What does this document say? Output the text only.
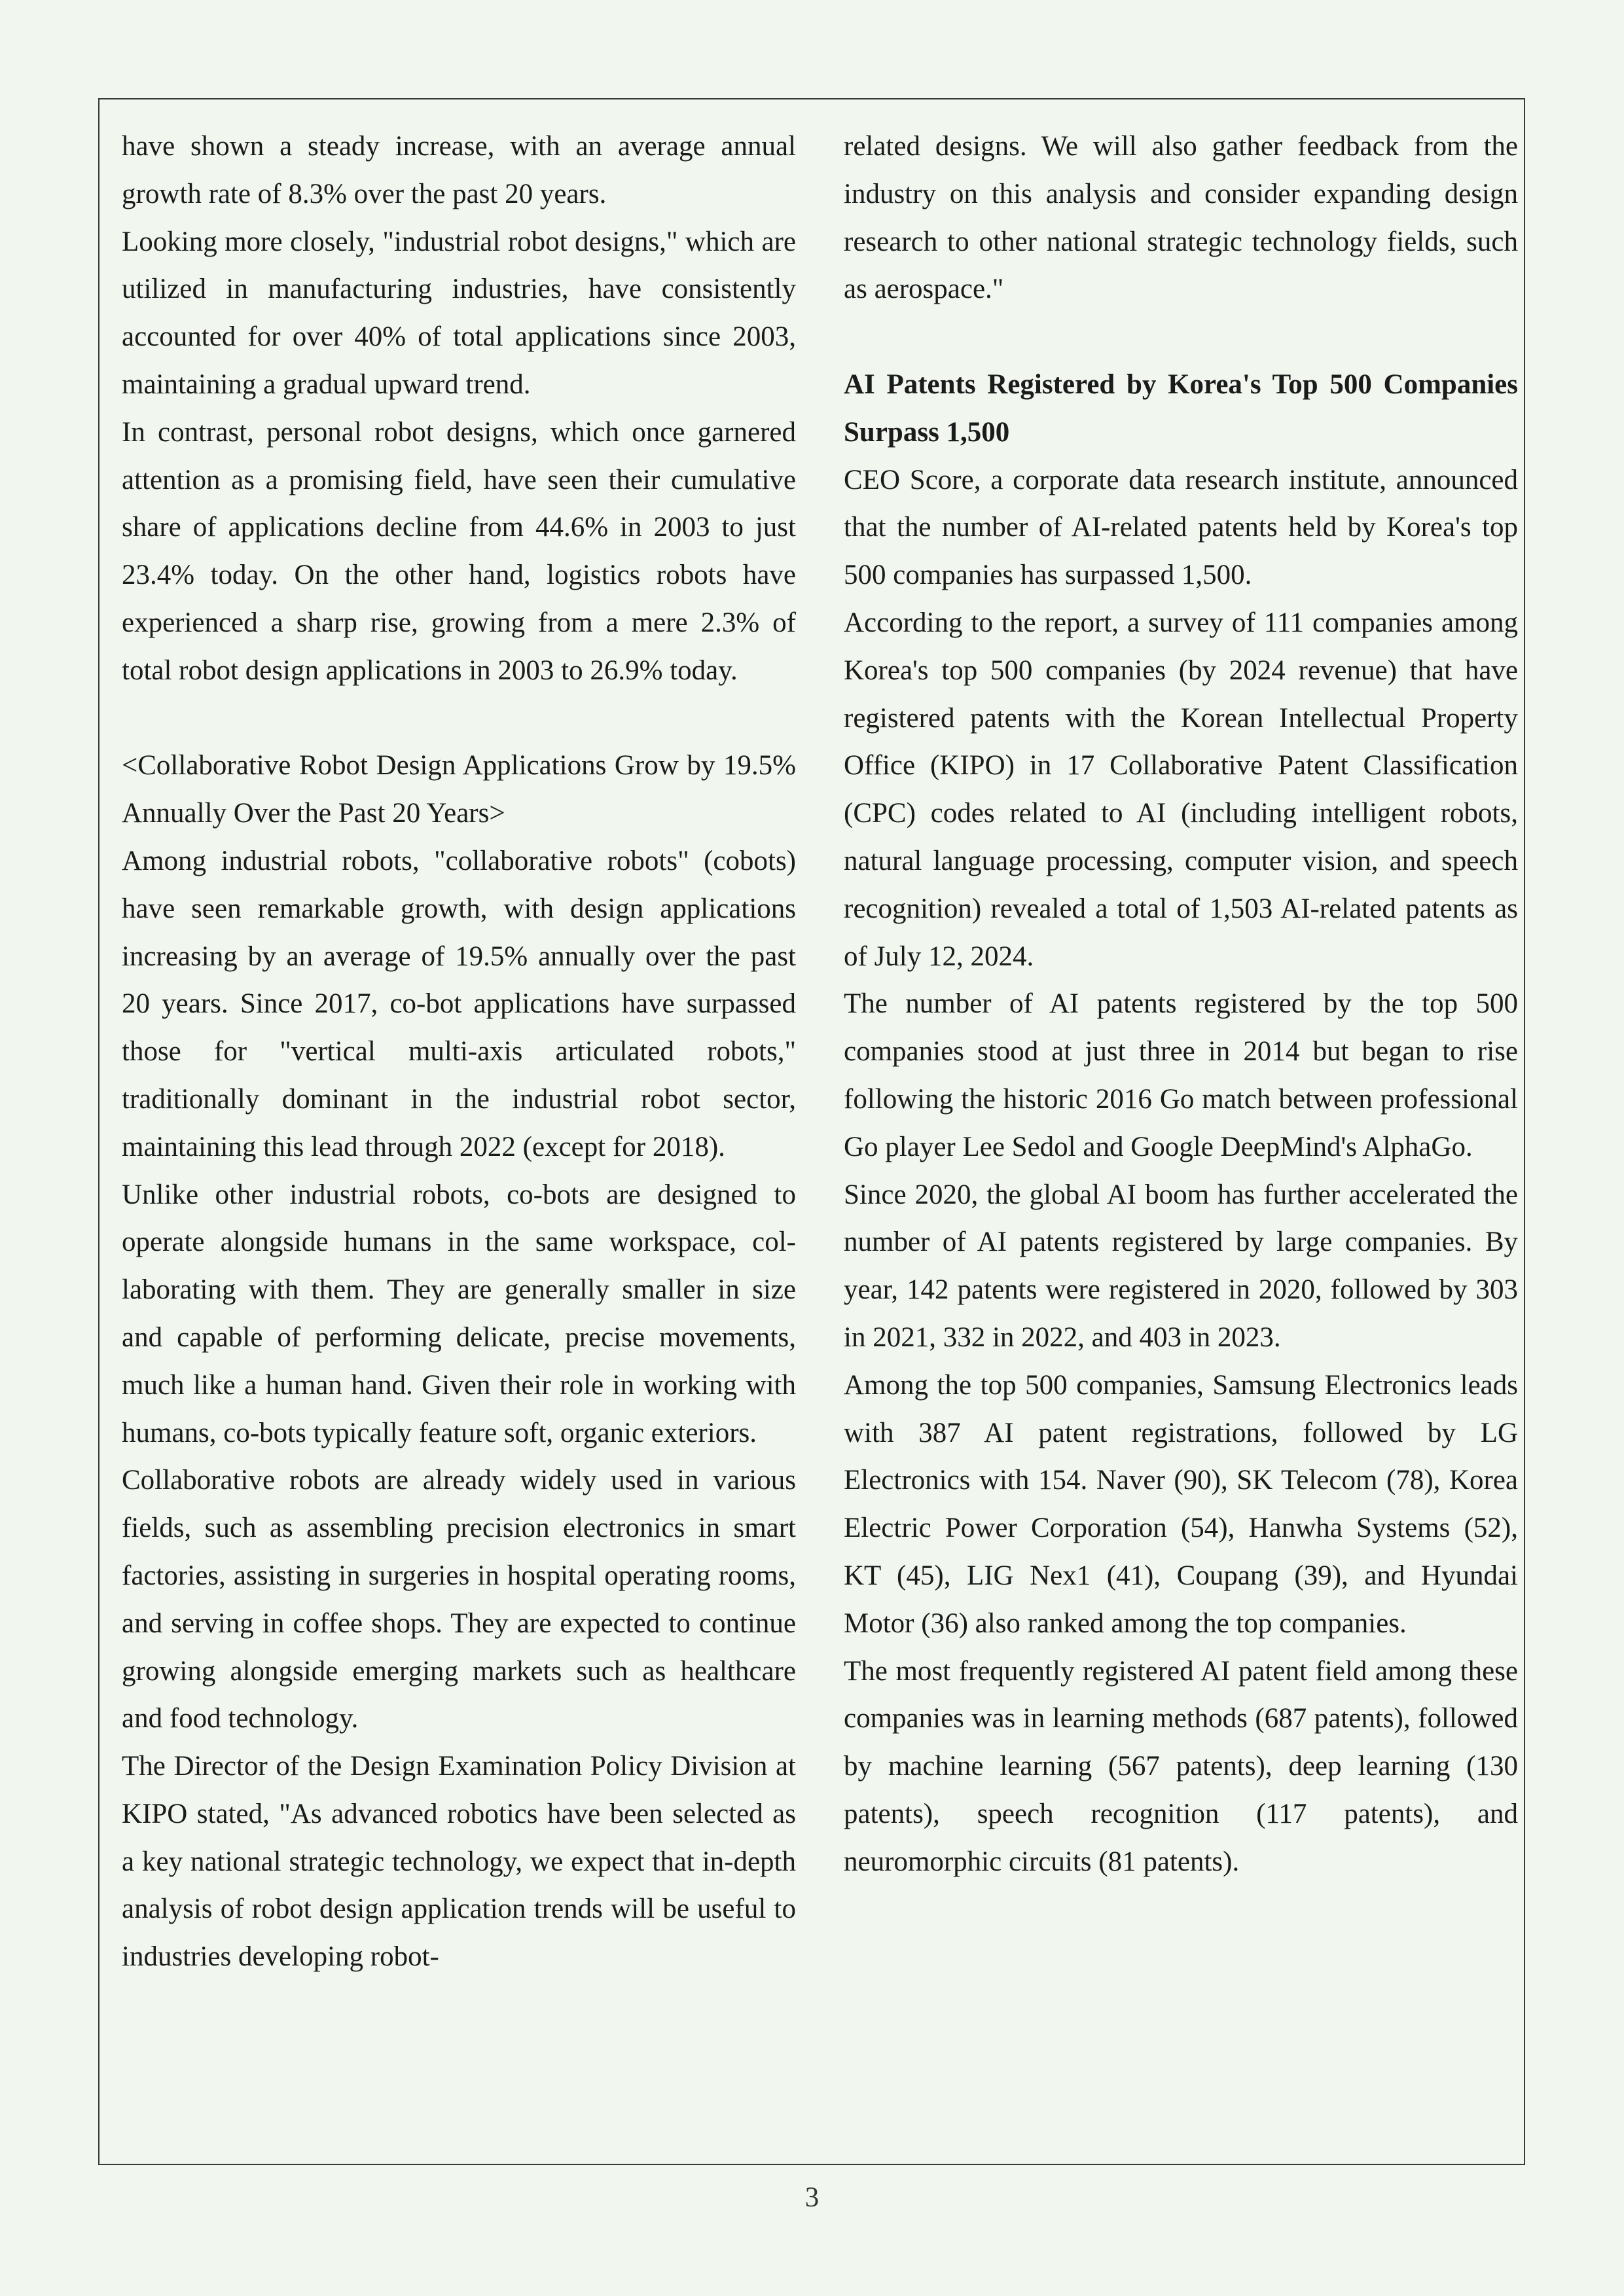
have shown a steady increase, with an average annual growth rate of 8.3% over the past 20 years.

Looking more closely, "industrial robot designs," which are utilized in manufacturing industries, have consistently accounted for over 40% of total applications since 2003, maintaining a gradual upward trend.

In contrast, personal robot designs, which once garnered attention as a promising field, have seen their cumulative share of applications decline from 44.6% in 2003 to just 23.4% today. On the other hand, logistics robots have experienced a sharp rise, growing from a mere 2.3% of total robot design applications in 2003 to 26.9% today.

<Collaborative Robot Design Applications Grow by 19.5% Annually Over the Past 20 Years>

Among industrial robots, "collaborative robots" (cobots) have seen remarkable growth, with design applications increasing by an average of 19.5% annually over the past 20 years. Since 2017, co-bot applications have surpassed those for "vertical multi-axis articulated robots," traditionally dominant in the industrial robot sector, maintaining this lead through 2022 (except for 2018).

Unlike other industrial robots, co-bots are designed to operate alongside humans in the same workspace, collaborating with them. They are generally smaller in size and capable of performing delicate, precise movements, much like a human hand. Given their role in working with humans, co-bots typically feature soft, organic exteriors.

Collaborative robots are already widely used in various fields, such as assembling precision electronics in smart factories, assisting in surgeries in hospital operating rooms, and serving in coffee shops. They are expected to continue growing alongside emerging markets such as healthcare and food technology.

The Director of the Design Examination Policy Division at KIPO stated, "As advanced robotics have been selected as a key national strategic technology, we expect that in-depth analysis of robot design application trends will be useful to industries developing robot-

related designs. We will also gather feedback from the industry on this analysis and consider expanding design research to other national strategic technology fields, such as aerospace."

AI Patents Registered by Korea's Top 500 Companies Surpass 1,500

CEO Score, a corporate data research institute, announced that the number of AI-related patents held by Korea's top 500 companies has surpassed 1,500.

According to the report, a survey of 111 companies among Korea's top 500 companies (by 2024 revenue) that have registered patents with the Korean Intellectual Property Office (KIPO) in 17 Collaborative Patent Classification (CPC) codes related to AI (including intelligent robots, natural language processing, computer vision, and speech recognition) revealed a total of 1,503 AI-related patents as of July 12, 2024.

The number of AI patents registered by the top 500 companies stood at just three in 2014 but began to rise following the historic 2016 Go match between professional Go player Lee Sedol and Google DeepMind's AlphaGo.

Since 2020, the global AI boom has further accelerated the number of AI patents registered by large companies. By year, 142 patents were registered in 2020, followed by 303 in 2021, 332 in 2022, and 403 in 2023.

Among the top 500 companies, Samsung Electronics leads with 387 AI patent registrations, followed by LG Electronics with 154. Naver (90), SK Telecom (78), Korea Electric Power Corporation (54), Hanwha Systems (52), KT (45), LIG Nex1 (41), Coupang (39), and Hyundai Motor (36) also ranked among the top companies.

The most frequently registered AI patent field among these companies was in learning methods (687 patents), followed by machine learning (567 patents), deep learning (130 patents), speech recognition (117 patents), and neuromorphic circuits (81 patents).

3
